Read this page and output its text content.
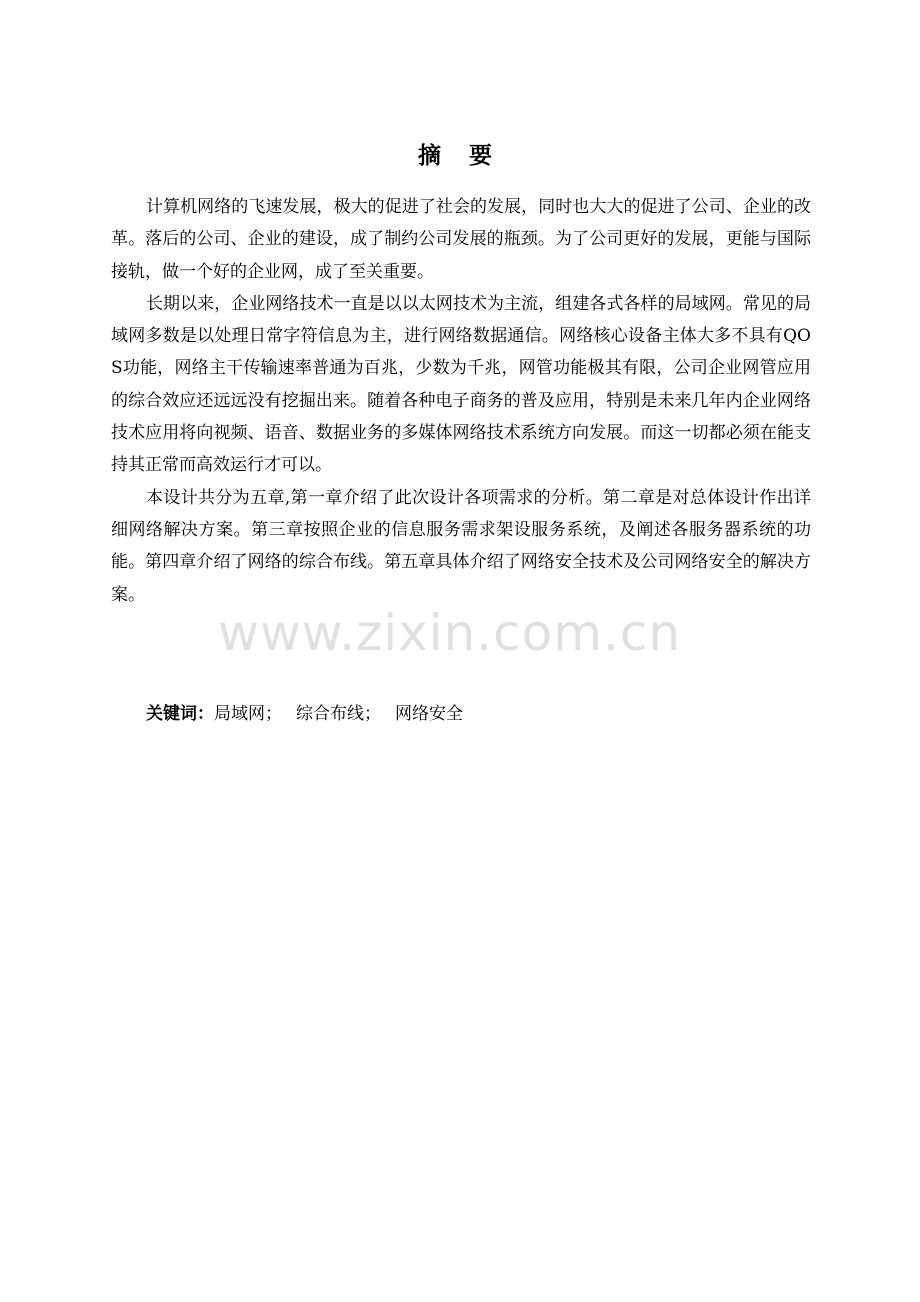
摘 要

计算机网络的飞速发展，极大的促进了社会的发展，同时也大大的促进了公司、企业的改革。落后的公司、企业的建设，成了制约公司发展的瓶颈。为了公司更好的发展，更能与国际接轨，做一个好的企业网，成了至关重要。

长期以来，企业网络技术一直是以以太网技术为主流，组建各式各样的局域网。常见的局域网多数是以处理日常字符信息为主，进行网络数据通信。网络核心设备主体大多不具有QOS功能，网络主干传输速率普通为百兆，少数为千兆，网管功能极其有限，公司企业网管应用的综合效应还远远没有挖掘出来。随着各种电子商务的普及应用，特别是未来几年内企业网络技术应用将向视频、语音、数据业务的多媒体网络技术系统方向发展。而这一切都必须在能支持其正常而高效运行才可以。

本设计共分为五章,第一章介绍了此次设计各项需求的分析。第二章是对总体设计作出详细网络解决方案。第三章按照企业的信息服务需求架设服务系统，及阐述各服务器系统的功能。第四章介绍了网络的综合布线。第五章具体介绍了网络安全技术及公司网络安全的解决方案。

关键词：局域网； 综合布线； 网络安全
www.zixin.com.cn
